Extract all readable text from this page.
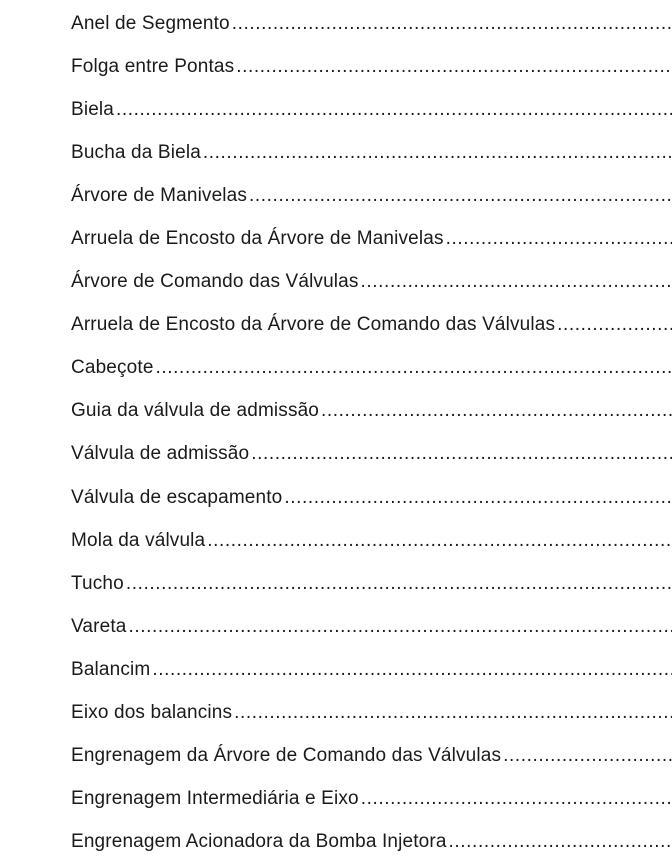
Anel de Segmento
.....
Folga entre Pontas
.....
Biela
.....
Bucha da Biela
.....
Árvore de Manivelas
.....
Arruela de Encosto da Árvore de Manivelas
.....
Árvore de Comando das Válvulas
.....
Arruela de Encosto da Árvore de Comando das Válvulas
.....
Cabeçote
.....
Guia da válvula de admissão
.....
Válvula de admissão
.....
Válvula de escapamento
.....
Mola da válvula
.....
Tucho
.....
Vareta
.....
Balancim
.....
Eixo dos balancins
.....
Engrenagem da Árvore de Comando das Válvulas
.....
Engrenagem Intermediária e Eixo
.....
Engrenagem Acionadora da Bomba Injetora
.....
